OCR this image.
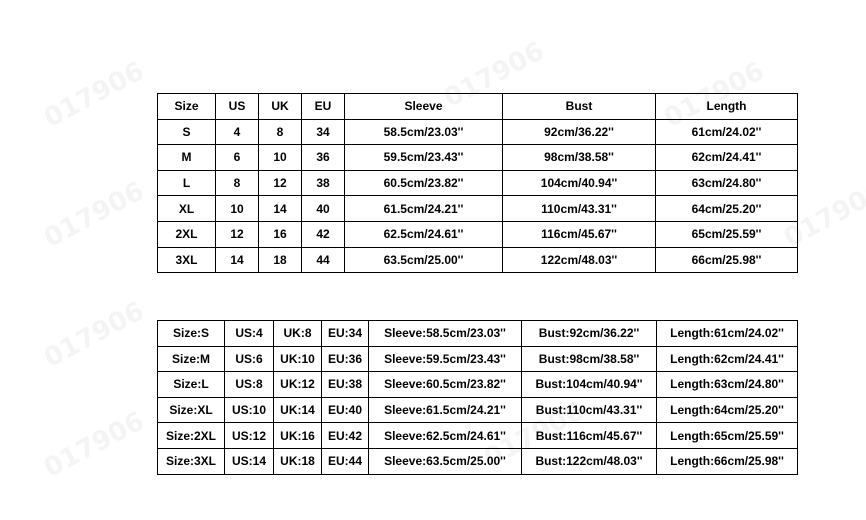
Size	US	UK	EU	Sleeve	Bust	Length
S	4	8	34	58.5cm/23.03''	92cm/36.22''	61cm/24.02''
M	6	10	36	59.5cm/23.43''	98cm/38.58''	62cm/24.41''
L	8	12	38	60.5cm/23.82''	104cm/40.94''	63cm/24.80''
XL	10	14	40	61.5cm/24.21''	110cm/43.31''	64cm/25.20''
2XL	12	16	42	62.5cm/24.61''	116cm/45.67''	65cm/25.59''
3XL	14	18	44	63.5cm/25.00''	122cm/48.03''	66cm/25.98''
Size:S	US:4	UK:8	EU:34	Sleeve:58.5cm/23.03''	Bust:92cm/36.22''	Length:61cm/24.02''
Size:M	US:6	UK:10	EU:36	Sleeve:59.5cm/23.43''	Bust:98cm/38.58''	Length:62cm/24.41''
Size:L	US:8	UK:12	EU:38	Sleeve:60.5cm/23.82''	Bust:104cm/40.94''	Length:63cm/24.80''
Size:XL	US:10	UK:14	EU:40	Sleeve:61.5cm/24.21''	Bust:110cm/43.31''	Length:64cm/25.20''
Size:2XL	US:12	UK:16	EU:42	Sleeve:62.5cm/24.61''	Bust:116cm/45.67''	Length:65cm/25.59''
Size:3XL	US:14	UK:18	EU:44	Sleeve:63.5cm/25.00''	Bust:122cm/48.03''	Length:66cm/25.98''
